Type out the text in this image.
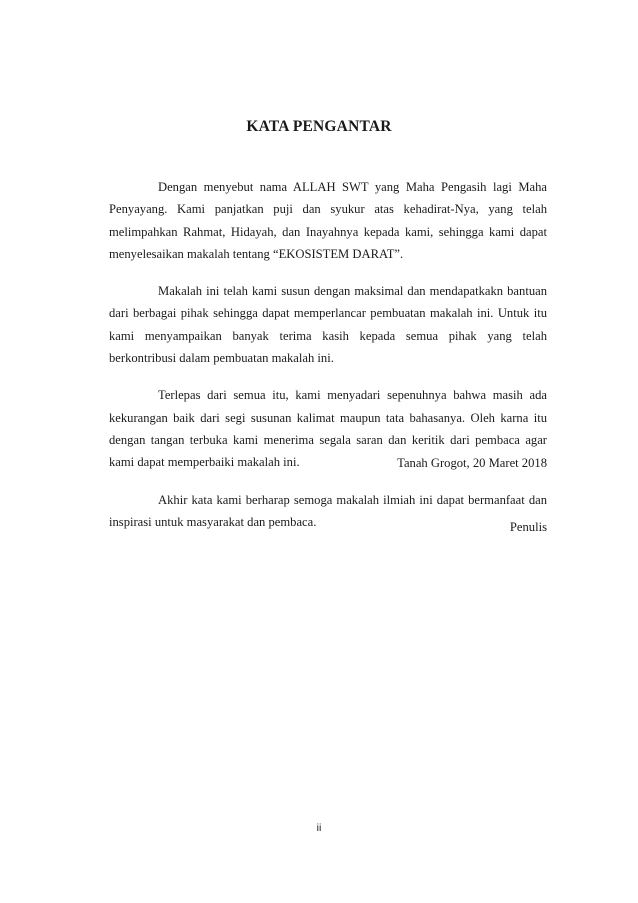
KATA PENGANTAR

Dengan menyebut nama ALLAH SWT yang Maha Pengasih lagi Maha Penyayang. Kami panjatkan puji dan syukur atas kehadirat-Nya, yang telah melimpahkan Rahmat, Hidayah, dan Inayahnya kepada kami, sehingga kami dapat menyelesaikan makalah tentang “EKOSISTEM DARAT”.

Makalah ini telah kami susun dengan maksimal dan mendapatkakn bantuan dari berbagai pihak sehingga dapat memperlancar pembuatan makalah ini. Untuk itu kami menyampaikan banyak terima kasih kepada semua pihak yang telah berkontribusi dalam pembuatan makalah ini.

Terlepas dari semua itu, kami menyadari sepenuhnya bahwa masih ada kekurangan baik dari segi susunan kalimat maupun tata bahasanya. Oleh karna itu dengan tangan terbuka kami menerima segala saran dan keritik dari pembaca agar kami dapat memperbaiki makalah ini.

Akhir kata kami berharap semoga makalah ilmiah ini dapat bermanfaat dan inspirasi untuk masyarakat dan pembaca.

Tanah Grogot, 20 Maret 2018

Penulis

ii
